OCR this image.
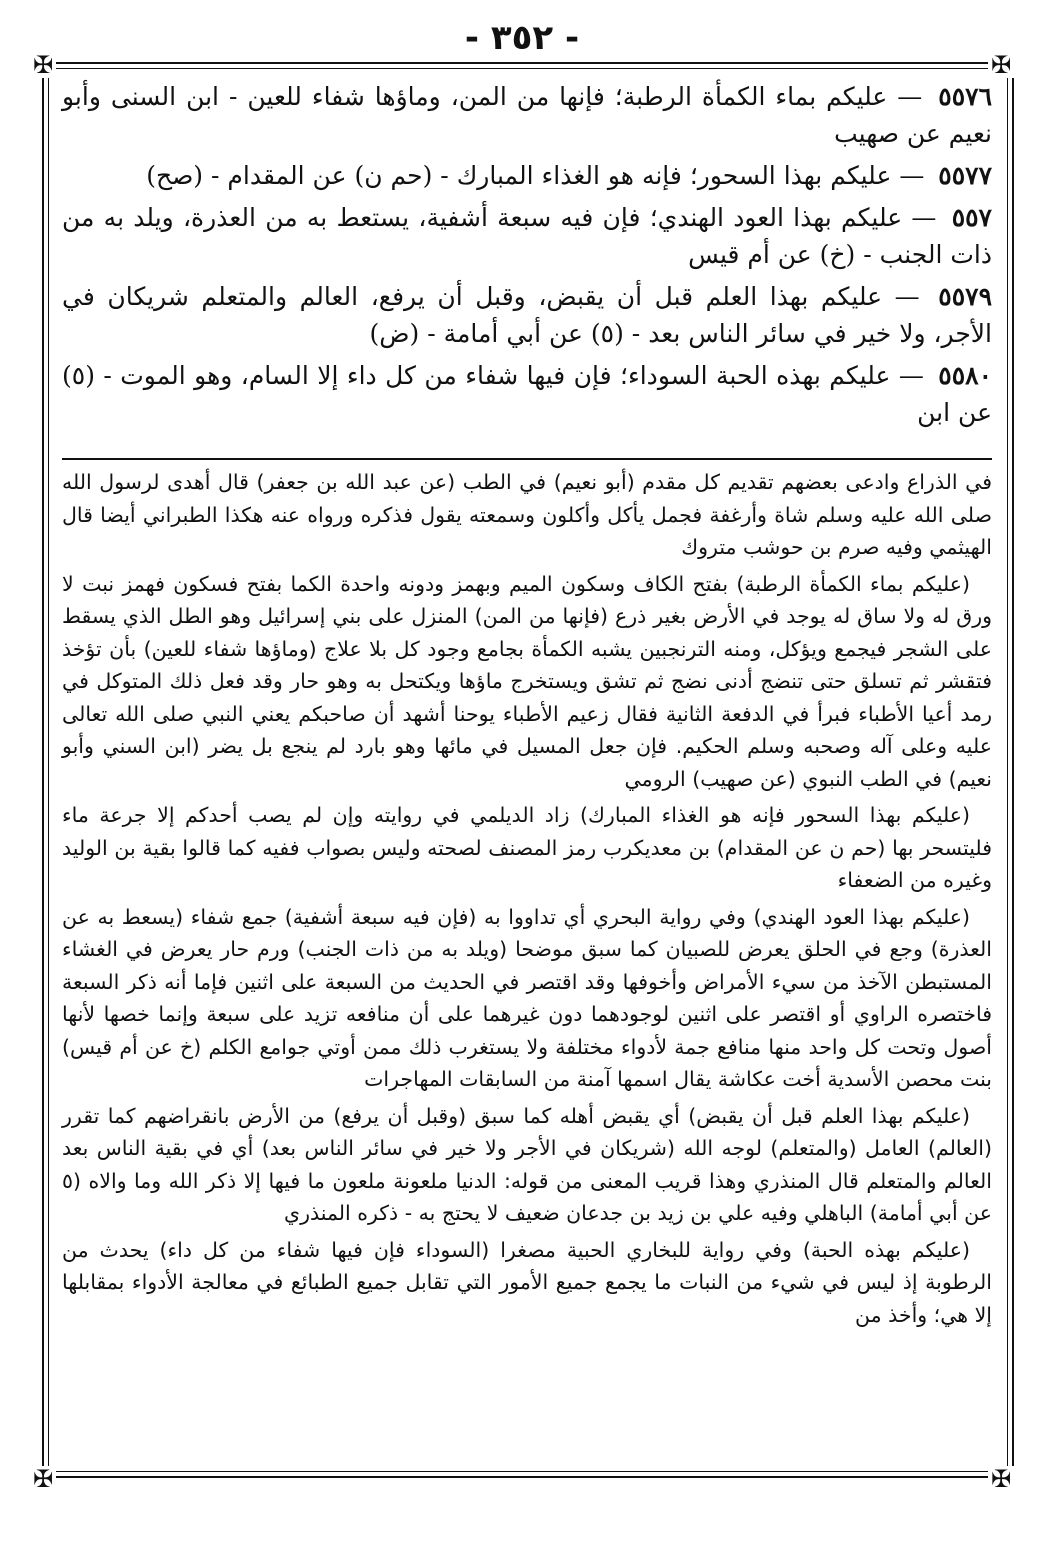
- ٣٥٢ -
✠	✠
✠	✠
٥٥٧٦ — عليكم بماء الكمأة الرطبة؛ فإنها من المن، وماؤها شفاء للعين - ابن السنى وأبو نعيم عن صهيب
٥٥٧٧ — عليكم بهذا السحور؛ فإنه هو الغذاء المبارك - (حم ن) عن المقدام - (صح)
٥٥٧ — عليكم بهذا العود الهندي؛ فإن فيه سبعة أشفية، يستعط به من العذرة، ويلد به من ذات الجنب - (خ) عن أم قيس
٥٥٧٩ — عليكم بهذا العلم قبل أن يقبض، وقبل أن يرفع، العالم والمتعلم شريكان في الأجر، ولا خير في سائر الناس بعد - (٥) عن أبي أمامة - (ض)
٥٥٨٠ — عليكم بهذه الحبة السوداء؛ فإن فيها شفاء من كل داء إلا السام، وهو الموت - (٥) عن ابن

في الذراع وادعى بعضهم تقديم كل مقدم (أبو نعيم) في الطب (عن عبد الله بن جعفر) قال أهدى لرسول الله صلى الله عليه وسلم شاة وأرغفة فجمل يأكل وأكلون وسمعته يقول فذكره ورواه عنه هكذا الطبراني أيضا قال الهيثمي وفيه صرم بن حوشب متروك

(عليكم بماء الكمأة الرطبة) بفتح الكاف وسكون الميم وبهمز ودونه واحدة الكما بفتح فسكون فهمز نبت لا ورق له ولا ساق له يوجد في الأرض بغير ذرع (فإنها من المن) المنزل على بني إسرائيل وهو الطل الذي يسقط على الشجر فيجمع ويؤكل، ومنه الترنجبين يشبه الكمأة بجامع وجود كل بلا علاج (وماؤها شفاء للعين) بأن تؤخذ فتقشر ثم تسلق حتى تنضج أدنى نضج ثم تشق ويستخرج ماؤها ويكتحل به وهو حار وقد فعل ذلك المتوكل في رمد أعيا الأطباء فبرأ في الدفعة الثانية فقال زعيم الأطباء يوحنا أشهد أن صاحبكم يعني النبي صلى الله تعالى عليه وعلى آله وصحبه وسلم الحكيم. فإن جعل المسيل في مائها وهو بارد لم ينجع بل يضر (ابن السني وأبو نعيم) في الطب النبوي (عن صهيب) الرومي

(عليكم بهذا السحور فإنه هو الغذاء المبارك) زاد الديلمي في روايته وإن لم يصب أحدكم إلا جرعة ماء فليتسحر بها (حم ن عن المقدام) بن معديكرب رمز المصنف لصحته وليس بصواب ففيه كما قالوا بقية بن الوليد وغيره من الضعفاء

(عليكم بهذا العود الهندي) وفي رواية البحري أي تداووا به (فإن فيه سبعة أشفية) جمع شفاء (يسعط به عن العذرة) وجع في الحلق يعرض للصبيان كما سبق موضحا (ويلد به من ذات الجنب) ورم حار يعرض في الغشاء المستبطن الآخذ من سيء الأمراض وأخوفها وقد اقتصر في الحديث من السبعة على اثنين فإما أنه ذكر السبعة فاختصره الراوي أو اقتصر على اثنين لوجودهما دون غيرهما على أن منافعه تزيد على سبعة وإنما خصها لأنها أصول وتحت كل واحد منها منافع جمة لأدواء مختلفة ولا يستغرب ذلك ممن أوتي جوامع الكلم (خ عن أم قيس) بنت محصن الأسدية أخت عكاشة يقال اسمها آمنة من السابقات المهاجرات

(عليكم بهذا العلم قبل أن يقبض) أي يقبض أهله كما سبق (وقبل أن يرفع) من الأرض بانقراضهم كما تقرر (العالم) العامل (والمتعلم) لوجه الله (شريكان في الأجر ولا خير في سائر الناس بعد) أي في بقية الناس بعد العالم والمتعلم قال المنذري وهذا قريب المعنى من قوله: الدنيا ملعونة ملعون ما فيها إلا ذكر الله وما والاه (٥ عن أبي أمامة) الباهلي وفيه علي بن زيد بن جدعان ضعيف لا يحتج به - ذكره المنذري

(عليكم بهذه الحبة) وفي رواية للبخاري الحبية مصغرا (السوداء فإن فيها شفاء من كل داء) يحدث من الرطوبة إذ ليس في شيء من النبات ما يجمع جميع الأمور التي تقابل جميع الطبائع في معالجة الأدواء بمقابلها إلا هي؛ وأخذ من
